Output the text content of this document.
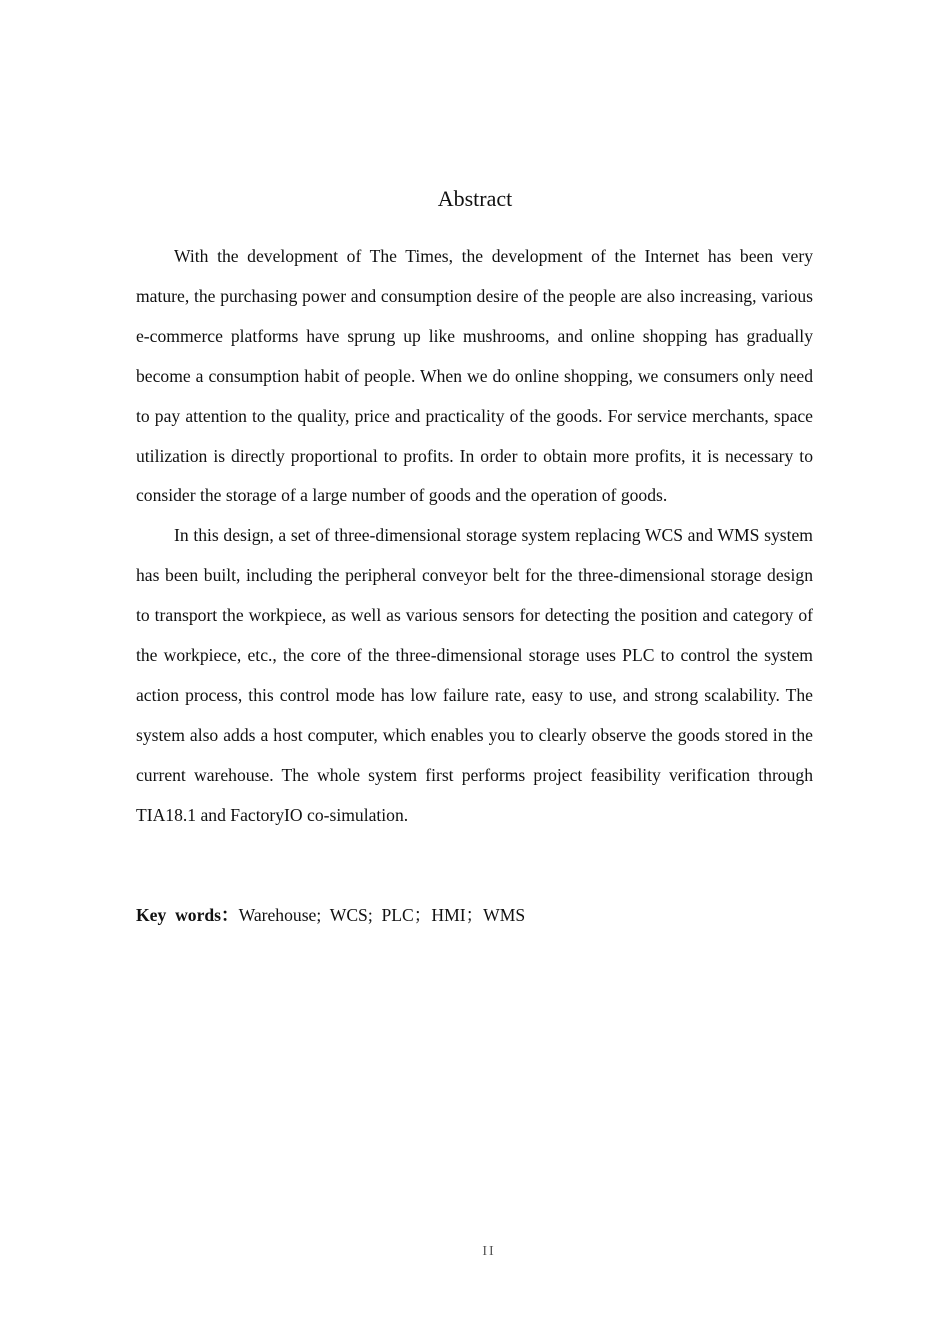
Abstract

With the development of The Times, the development of the Internet has been very mature, the purchasing power and consumption desire of the people are also increasing, various e-commerce platforms have sprung up like mushrooms, and online shopping has gradually become a consumption habit of people. When we do online shopping, we consumers only need to pay attention to the quality, price and practicality of the goods. For service merchants, space utilization is directly proportional to profits. In order to obtain more profits, it is necessary to consider the storage of a large number of goods and the operation of goods.

In this design, a set of three-dimensional storage system replacing WCS and WMS system has been built, including the peripheral conveyor belt for the three-dimensional storage design to transport the workpiece, as well as various sensors for detecting the position and category of the workpiece, etc., the core of the three-dimensional storage uses PLC to control the system action process, this control mode has low failure rate, easy to use, and strong scalability. The system also adds a host computer, which enables you to clearly observe the goods stored in the current warehouse. The whole system first performs project feasibility verification through TIA18.1 and FactoryIO co-simulation.

Key  words：Warehouse;  WCS;  PLC；HMI；WMS
II
